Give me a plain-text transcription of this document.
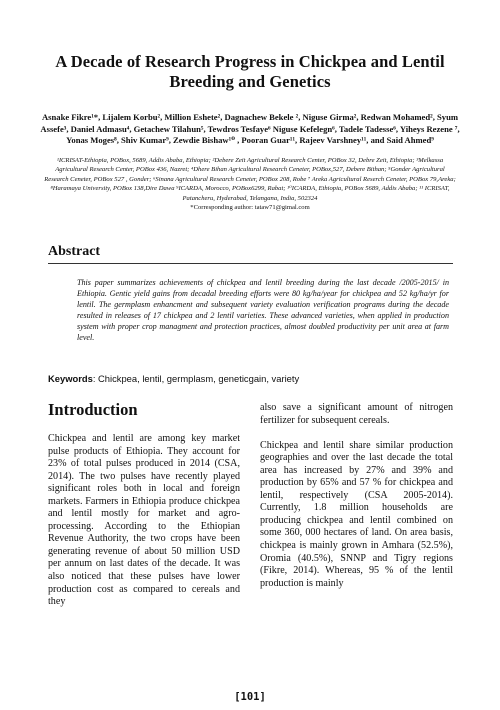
A Decade of Research Progress in Chickpea and Lentil Breeding and Genetics
Asnake Fikre¹*, Lijalem Korbu², Million Eshete², Dagnachew Bekele ², Niguse Girma², Redwan Mohamed², Syum Assefe³, Daniel Admasu⁴, Getachew Tilahun⁵, Tewdros Tesfaye⁶ Niguse Kefelegn⁶, Tadele Tadesse⁶, Yiheys Rezene ⁷, Yonas Moges⁸, Shiv Kumar⁹, Zewdie Bishaw¹⁰ , Pooran Guar¹¹, Rajeev Varshney¹¹, and Said Ahmed⁹
¹ICRISAT-Ethiopia, POBox, 5689, Addis Ababa, Ethiopia; ²Debere Zeit Agricultural Research Center, POBox 32, Debre Zeit, Ethiopia; ³Melkassa Agricultural Research Center, POBox 436, Nazret; ⁴Dhere Bihan Agricultural Research Ceneter, POBox,527, Debere Bithan; ⁵Gonder Agricultural Research Ceneter, POBox 527 , Gonder; ⁶Sinana Agricultural Research Ceneter, POBox 208, Robe ⁷ Areka Agricultural Reserch Ceneter, POBox 79,Areka; ⁸Haramaya University, POBox 138,Dire Dawa ⁹ICARDA, Morocco, POBox6299, Rabat; ¹⁰ICARDA, Ethiopia, POBox 5689, Addis Ababa; ¹¹ ICRISAT, Patancheru, Hyderabad, Telangana, India, 502324
*Corresponding author: tataw71@gimal.com
Abstract
This paper summarizes achievements of chickpea and lentil breeding during the last decade /2005-2015/ in Ethiopia. Gentic yield gains from decadal breeding efforts were 80 kg/ha/year for chickpea and 52 kg/ha/yr for lentil. The germplasm enhancment and subsequent variety evaluation verification programs during the decade resulted in releases of 17 chickpea and 2 lentil varieties. These advanced varieties, when applied in production system with proper crop managment and protection practices, almost doubled productivity per unit area at farm level.
Keywords: Chickpea, lentil, germplasm, geneticgain, variety
Introduction

Chickpea and lentil are among key market pulse products of Ethiopia. They account for 23% of total pulses produced in 2014 (CSA, 2014). The two pulses have recently played significant roles both in local and foreign markets. Farmers in Ethiopia produce chickpea and lentil mostly for market and agro-processing. According to the Ethiopian Revenue Authority, the two crops have been generating revenue of about 50 million USD per annum on last dates of the decade. It was also noticed that these pulses have lower production cost as compared to cereals and they

also save a significant amount of nitrogen fertilizer for subsequent cereals.

Chickpea and lentil share similar production geographies and over the last decade the total area has increased by 27% and 39% and production by 65% and 57 % for chickpea and lentil, respectively (CSA 2005-2014). Currently, 1.8 million households are producing chickpea and lentil combined on some 360, 000 hectares of land. On area basis, chickpea is mainly grown in Amhara (52.5%), Oromia (40.5%), SNNP and Tigry regions (Fikre, 2014). Whereas, 95 % of the lentil production is mainly

[101]
